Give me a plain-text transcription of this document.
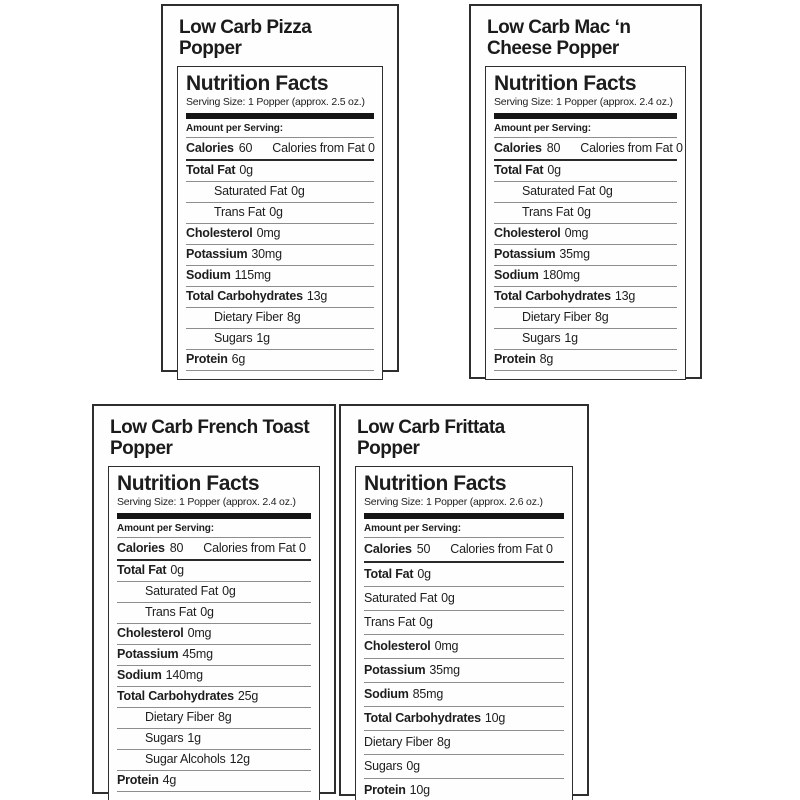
Low Carb Pizza
Popper
Nutrition Facts
Serving Size: 1 Popper (approx. 2.5 oz.)
Amount per Serving:
Calories 60 Calories from Fat 0
Total Fat 0g
Saturated Fat 0g
Trans Fat 0g
Cholesterol 0mg
Potassium 30mg
Sodium 115mg
Total Carbohydrates 13g
Dietary Fiber 8g
Sugars 1g
Protein 6g
Low Carb Mac ‘n
Cheese Popper
Nutrition Facts
Serving Size: 1 Popper (approx. 2.4 oz.)
Amount per Serving:
Calories 80 Calories from Fat 0
Total Fat 0g
Saturated Fat 0g
Trans Fat 0g
Cholesterol 0mg
Potassium 35mg
Sodium 180mg
Total Carbohydrates 13g
Dietary Fiber 8g
Sugars 1g
Protein 8g
Low Carb French Toast
Popper
Nutrition Facts
Serving Size: 1 Popper (approx. 2.4 oz.)
Amount per Serving:
Calories 80 Calories from Fat 0
Total Fat 0g
Saturated Fat 0g
Trans Fat 0g
Cholesterol 0mg
Potassium 45mg
Sodium 140mg
Total Carbohydrates 25g
Dietary Fiber 8g
Sugars 1g
Sugar Alcohols 12g
Protein 4g
Low Carb Frittata
Popper
Nutrition Facts
Serving Size: 1 Popper (approx. 2.6 oz.)
Amount per Serving:
Calories 50 Calories from Fat 0
Total Fat 0g
Saturated Fat 0g
Trans Fat 0g
Cholesterol 0mg
Potassium 35mg
Sodium 85mg
Total Carbohydrates 10g
Dietary Fiber 8g
Sugars 0g
Protein 10g
